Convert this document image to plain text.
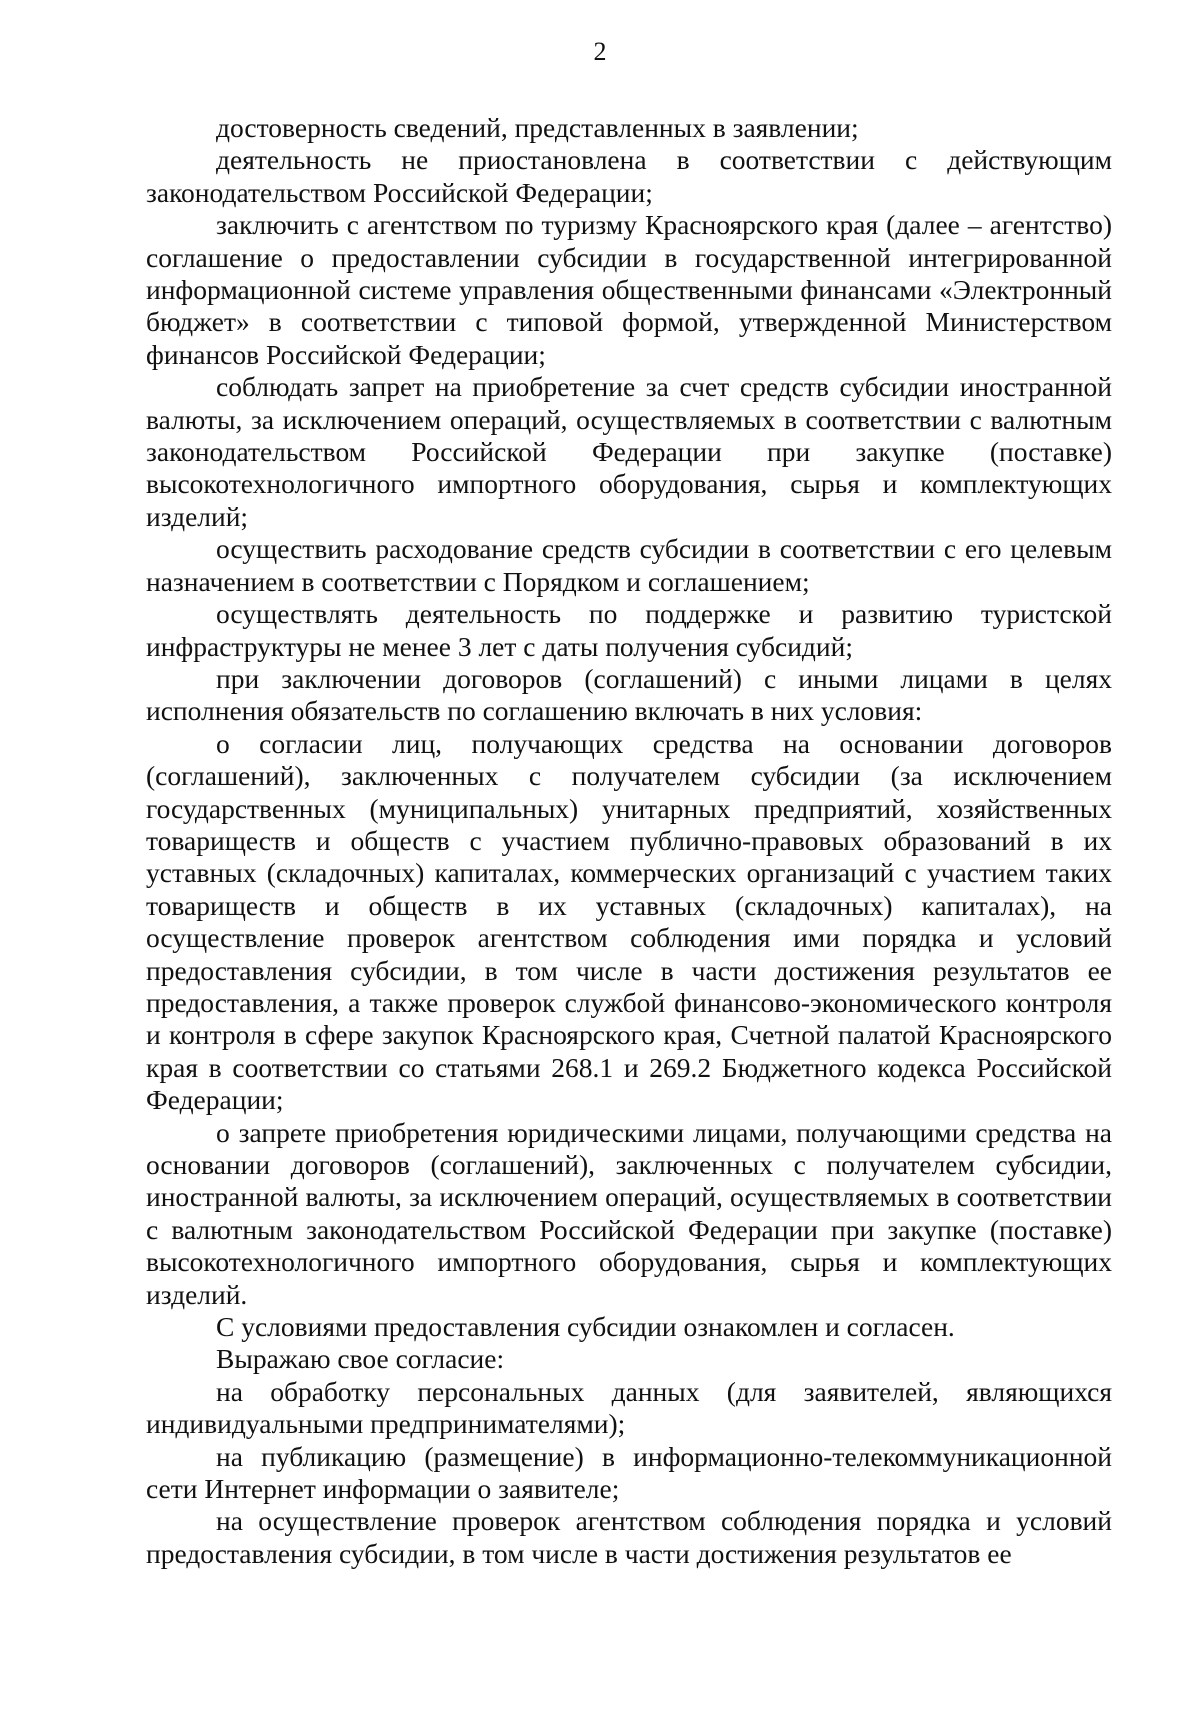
2

достоверность сведений, представленных в заявлении;

деятельность не приостановлена в соответствии с действующим законодательством Российской Федерации;

заключить с агентством по туризму Красноярского края (далее – агентство) соглашение о предоставлении субсидии в государственной интегрированной информационной системе управления общественными финансами «Электронный бюджет» в соответствии с типовой формой, утвержденной Министерством финансов Российской Федерации;

соблюдать запрет на приобретение за счет средств субсидии иностранной валюты, за исключением операций, осуществляемых в соответствии с валютным законодательством Российской Федерации при закупке (поставке) высокотехнологичного импортного оборудования, сырья и комплектующих изделий;

осуществить расходование средств субсидии в соответствии с его целевым назначением в соответствии с Порядком и соглашением;

осуществлять деятельность по поддержке и развитию туристской инфраструктуры не менее 3 лет с даты получения субсидий;

при заключении договоров (соглашений) с иными лицами в целях исполнения обязательств по соглашению включать в них условия:

о согласии лиц, получающих средства на основании договоров (соглашений), заключенных с получателем субсидии (за исключением государственных (муниципальных) унитарных предприятий, хозяйственных товариществ и обществ с участием публично-правовых образований в их уставных (складочных) капиталах, коммерческих организаций с участием таких товариществ и обществ в их уставных (складочных) капиталах), на осуществление проверок агентством соблюдения ими порядка и условий предоставления субсидии, в том числе в части достижения результатов ее предоставления, а также проверок службой финансово-экономического контроля и контроля в сфере закупок Красноярского края, Счетной палатой Красноярского края в соответствии со статьями 268.1 и 269.2 Бюджетного кодекса Российской Федерации;

о запрете приобретения юридическими лицами, получающими средства на основании договоров (соглашений), заключенных с получателем субсидии, иностранной валюты, за исключением операций, осуществляемых в соответствии с валютным законодательством Российской Федерации при закупке (поставке) высокотехнологичного импортного оборудования, сырья и комплектующих изделий.

С условиями предоставления субсидии ознакомлен и согласен.

Выражаю свое согласие:

на обработку персональных данных (для заявителей, являющихся индивидуальными предпринимателями);

на публикацию (размещение) в информационно-телекоммуникационной сети Интернет информации о заявителе;

на осуществление проверок агентством соблюдения порядка и условий предоставления субсидии, в том числе в части достижения результатов ее
